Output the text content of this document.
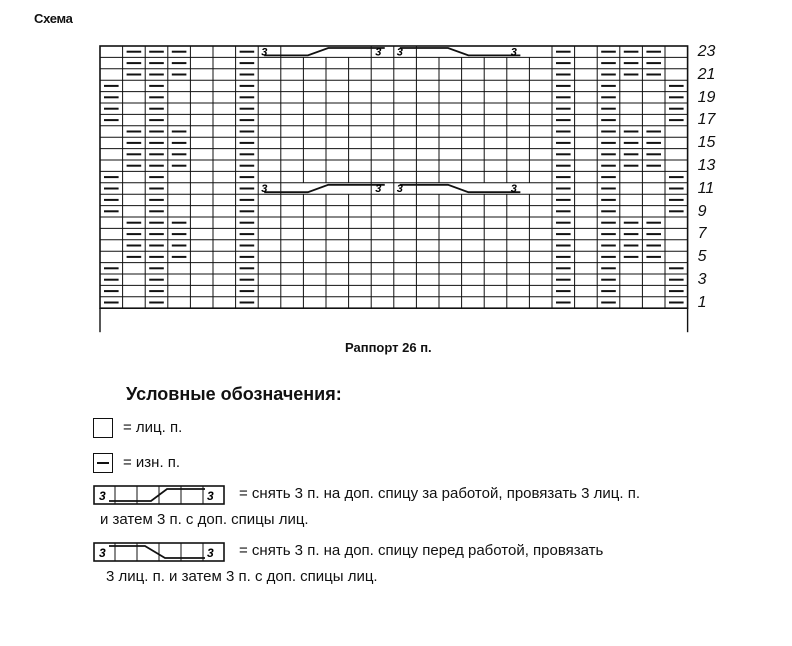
Схема
3	3 3	3
3	3 3	3
23
21
19
17
15
13
11
9
7
5
3
1
Раппорт 26 п.
Условные обозначения:
= лиц. п.
= изн. п.
3	3 = снять 3 п. на доп. спицу за работой, провязать 3 лиц. п.
и затем 3 п. с доп. спицы лиц.
3	3 = снять 3 п. на доп. спицу перед работой, провязать
3 лиц. п. и затем 3 п. с доп. спицы лиц.
